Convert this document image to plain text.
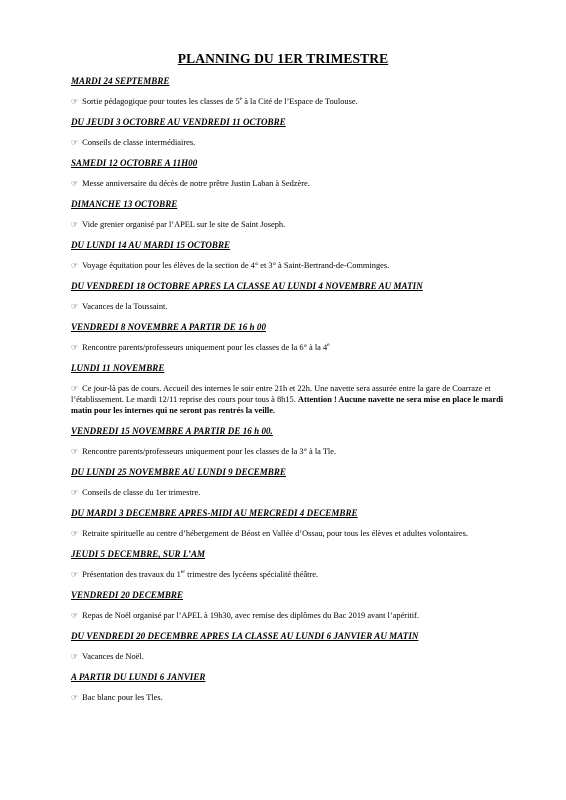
PLANNING DU 1ER TRIMESTRE
MARDI 24 SEPTEMBRE
☞ Sortie pédagogique pour toutes les classes de 5e à la Cité de l’Espace de Toulouse.
DU JEUDI 3 OCTOBRE AU VENDREDI 11 OCTOBRE
☞ Conseils de classe intermédiaires.
SAMEDI 12 OCTOBRE A 11H00
☞ Messe anniversaire du décès de notre prêtre Justin Laban à Sedzère.
DIMANCHE 13 OCTOBRE
☞ Vide grenier organisé par l’APEL sur le site de Saint Joseph.
DU LUNDI 14 AU MARDI 15 OCTOBRE
☞ Voyage équitation pour les élèves de la section de 4° et 3° à Saint-Bertrand-de-Comminges.
DU VENDREDI 18 OCTOBRE APRES LA CLASSE AU LUNDI 4 NOVEMBRE AU MATIN
☞ Vacances de la Toussaint.
VENDREDI 8 NOVEMBRE A PARTIR DE 16 h 00
☞ Rencontre parents/professeurs uniquement pour les classes de la 6° à la 4e
LUNDI 11 NOVEMBRE
☞ Ce jour-là pas de cours. Accueil des internes le soir entre 21h et 22h. Une navette sera assurée entre la gare de Coarraze et l’établissement. Le mardi 12/11 reprise des cours pour tous à 8h15. Attention ! Aucune navette ne sera mise en place le mardi matin pour les internes qui ne seront pas rentrés la veille.
VENDREDI 15 NOVEMBRE A PARTIR DE 16 h 00.
☞ Rencontre parents/professeurs uniquement pour les classes de la 3° à la Tle.
DU LUNDI 25 NOVEMBRE AU LUNDI 9 DECEMBRE
☞ Conseils de classe du 1er trimestre.
DU MARDI 3 DECEMBRE APRES-MIDI AU MERCREDI 4 DECEMBRE
☞ Retraite spirituelle au centre d’hébergement de Béost en Vallée d’Ossau, pour tous les élèves et adultes volontaires.
JEUDI 5 DECEMBRE, SUR L’AM
☞ Présentation des travaux du 1er trimestre des lycéens spécialité théâtre.
VENDREDI 20 DECEMBRE
☞ Repas de Noël organisé par l’APEL à 19h30, avec remise des diplômes du Bac 2019 avant l’apéritif.
DU VENDREDI 20 DECEMBRE APRES LA CLASSE AU LUNDI 6 JANVIER AU MATIN
☞ Vacances de Noël.
A PARTIR DU LUNDI 6 JANVIER
☞ Bac blanc pour les Tles.
